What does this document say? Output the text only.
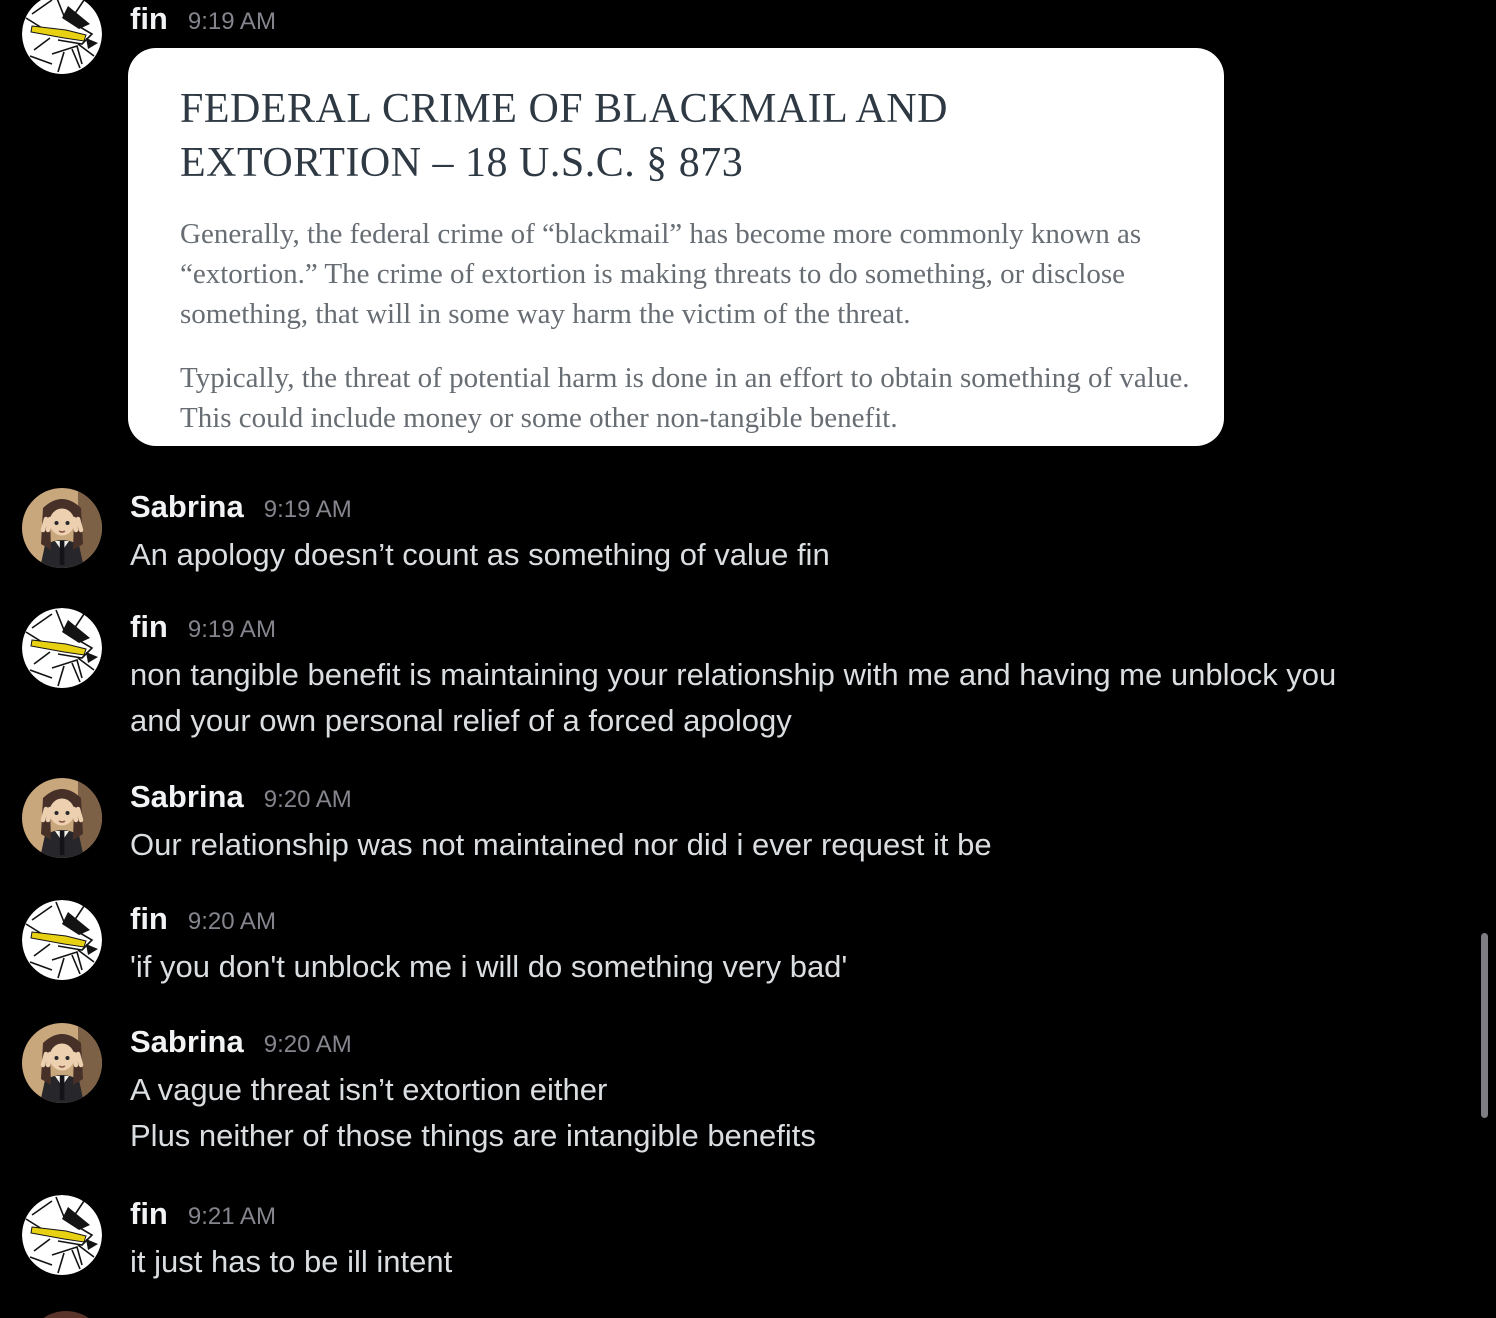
fin 9:19 AM
FEDERAL CRIME OF BLACKMAIL AND EXTORTION – 18 U.S.C. § 873

Generally, the federal crime of “blackmail” has become more commonly known as “extortion.” The crime of extortion is making threats to do something, or disclose something, that will in some way harm the victim of the threat.

Typically, the threat of potential harm is done in an effort to obtain something of value. This could include money or some other non-tangible benefit.

Sabrina 9:19 AM
An apology doesn’t count as something of value fin
fin 9:19 AM
non tangible benefit is maintaining your relationship with me and having me unblock you
and your own personal relief of a forced apology
Sabrina 9:20 AM
Our relationship was not maintained nor did i ever request it be
fin 9:20 AM
'if you don't unblock me i will do something very bad'
Sabrina 9:20 AM
A vague threat isn’t extortion either
Plus neither of those things are intangible benefits
fin 9:21 AM
it just has to be ill intent
